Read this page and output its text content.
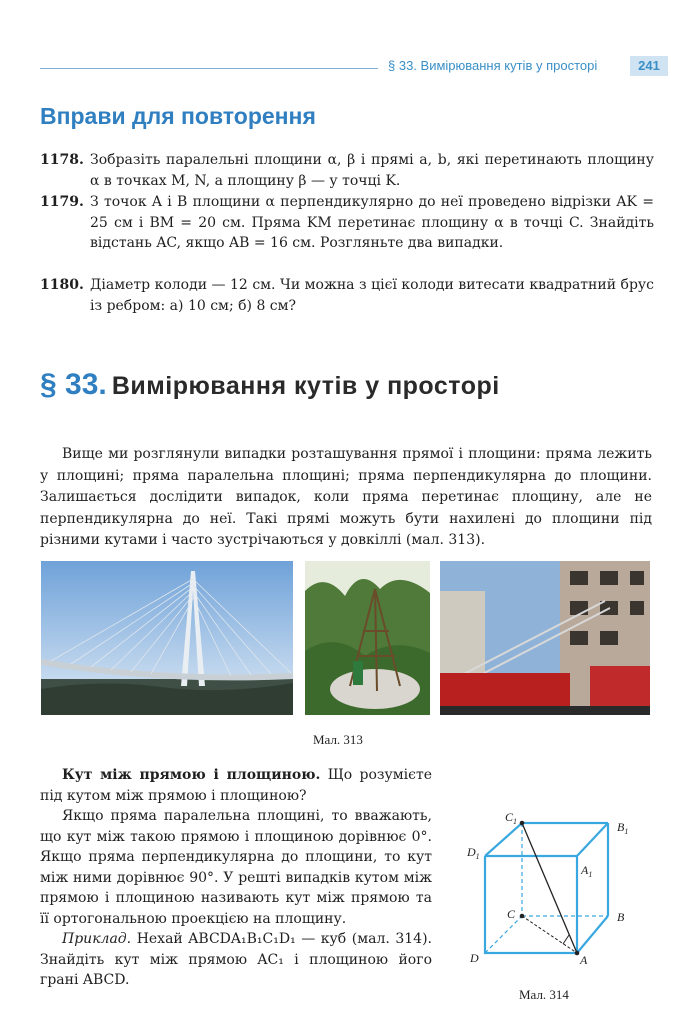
§ 33. Вимірювання кутів у просторі	241
Вправи для повторення
1178. Зобразіть паралельні площини α, β і прямі a, b, які перетинають площину α в точках M, N, а площину β — у точці K.
1179. З точок A і B площини α перпендикулярно до неї проведено відрізки AK = 25 см і BM = 20 см. Пряма KM перетинає площину α в точці C. Знайдіть відстань AC, якщо AB = 16 см. Розгляньте два випадки.
1180. Діаметр колоди — 12 см. Чи можна з цієї колоди витесати квадратний брус із ребром: а) 10 см; б) 8 см?
§ 33. Вимірювання кутів у просторі
Вище ми розглянули випадки розташування прямої і площини: пряма лежить у площині; пряма паралельна площині; пряма перпендикулярна до площини. Залишається дослідити випадок, коли пряма перетинає площину, але не перпендикулярна до неї. Такі прямі можуть бути нахилені до площини під різними кутами і часто зустрічаються у довкіллі (мал. 313).
Мал. 313

Кут між прямою і площиною. Що розумієте під кутом між прямою і площиною?

Якщо пряма паралельна площині, то вважають, що кут між такою прямою і площиною дорівнює 0°. Якщо пряма перпендикулярна до площини, то кут між ними дорівнює 90°. У решті випадків кутом між прямою і площиною називають кут між прямою та її ортогональною проекцією на площину.

Приклад. Нехай ABCDA₁B₁C₁D₁ — куб (мал. 314). Знайдіть кут між прямою AC₁ і площиною його грані ABCD.

$C_1$	$B_1$
$D_1$
$A_1$
C	B
D	A
Мал. 314
